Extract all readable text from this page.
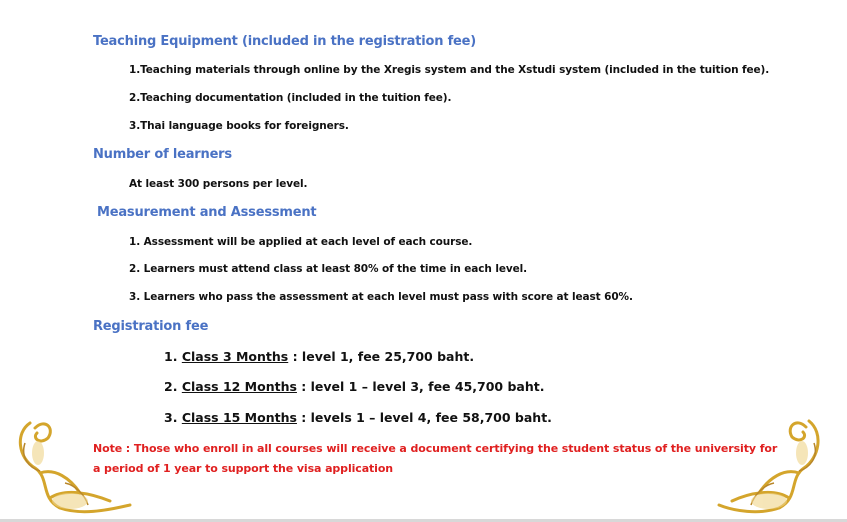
Teaching Equipment (included in the registration fee)
1.Teaching materials through online by the Xregis system and the Xstudi system (included in the tuition fee).
2.Teaching documentation (included in the tuition fee).
3.Thai language books for foreigners.
Number of learners
At least 300 persons per level.
Measurement and Assessment
1. Assessment will be applied at each level of each course.
2. Learners must attend class at least 80% of the time in each level.
3. Learners who pass the assessment at each level must pass with score at least 60%.
Registration fee
1. Class 3 Months : level 1, fee 25,700 baht.
2. Class 12 Months : level 1 – level 3, fee 45,700 baht.
3. Class 15 Months : levels 1 – level 4, fee 58,700 baht.
Note : Those who enroll in all courses will receive a document certifying the student status of the university for a period of 1 year to support the visa application
